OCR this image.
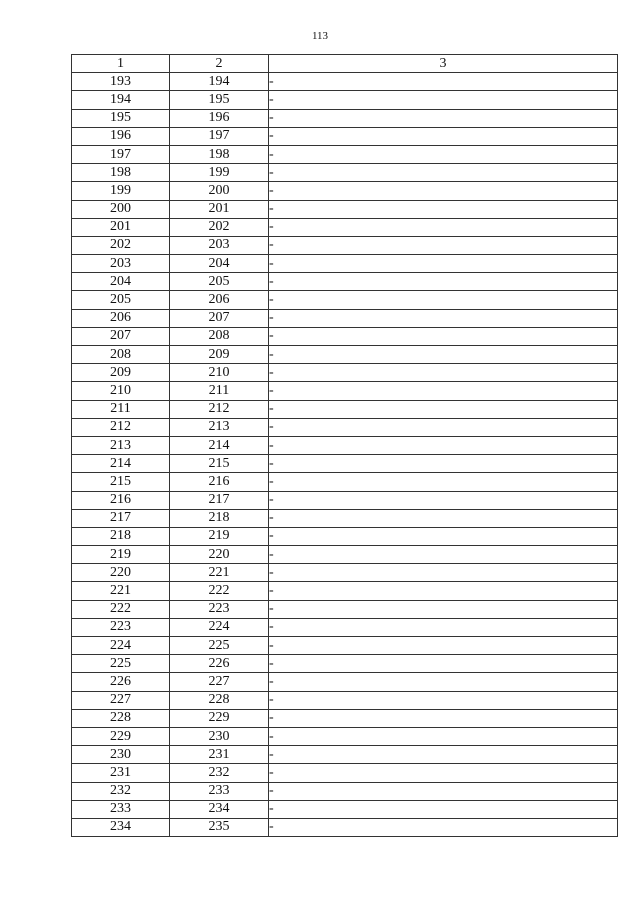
113
1	2	3
193	194	-
194	195	-
195	196	-
196	197	-
197	198	-
198	199	-
199	200	-
200	201	-
201	202	-
202	203	-
203	204	-
204	205	-
205	206	-
206	207	-
207	208	-
208	209	-
209	210	-
210	211	-
211	212	-
212	213	-
213	214	-
214	215	-
215	216	-
216	217	-
217	218	-
218	219	-
219	220	-
220	221	-
221	222	-
222	223	-
223	224	-
224	225	-
225	226	-
226	227	-
227	228	-
228	229	-
229	230	-
230	231	-
231	232	-
232	233	-
233	234	-
234	235	-
